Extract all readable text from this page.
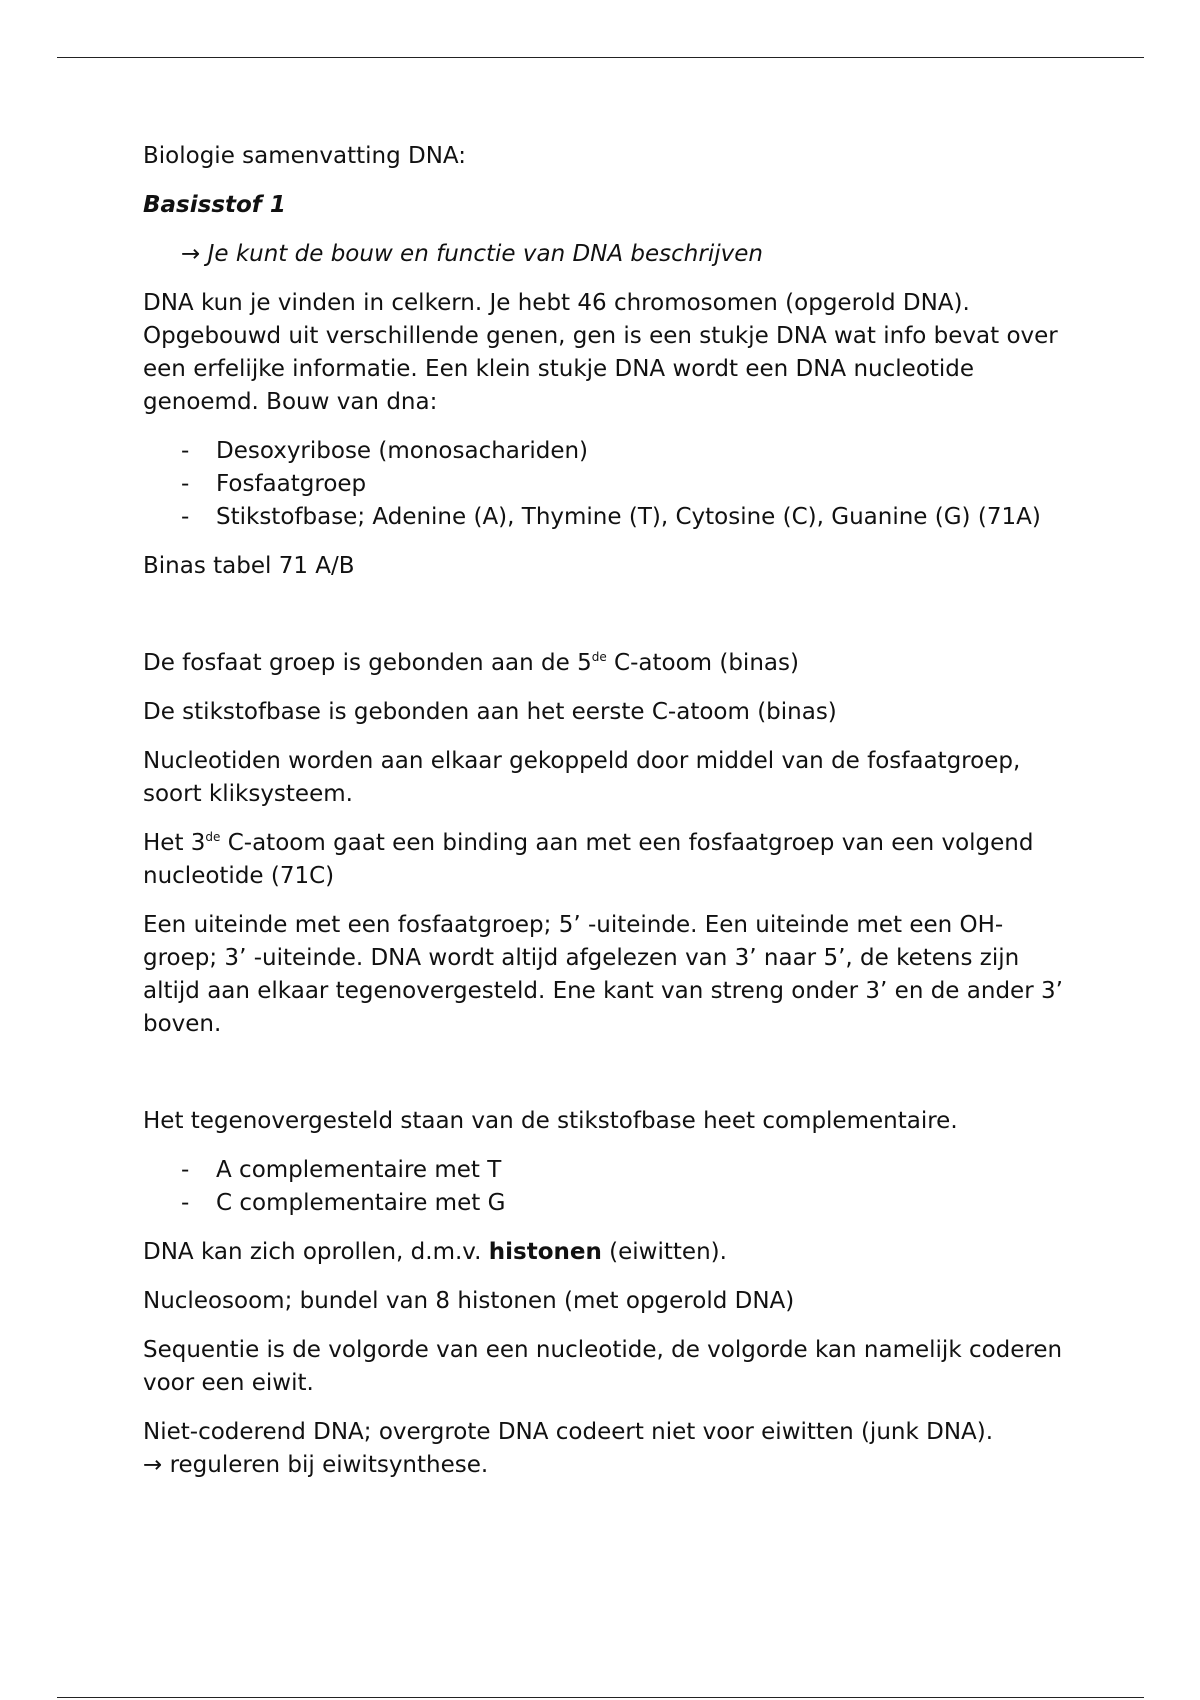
Biologie samenvatting DNA:

Basisstof 1

→ Je kunt de bouw en functie van DNA beschrijven

DNA kun je vinden in celkern. Je hebt 46 chromosomen (opgerold DNA). Opgebouwd uit verschillende genen, gen is een stukje DNA wat info bevat over een erfelijke informatie. Een klein stukje DNA wordt een DNA nucleotide genoemd. Bouw van dna:

- Desoxyribose (monosachariden)
- Fosfaatgroep
- Stikstofbase; Adenine (A), Thymine (T), Cytosine (C), Guanine (G) (71A)

Binas tabel 71 A/B

De fosfaat groep is gebonden aan de 5de C-atoom (binas)

De stikstofbase is gebonden aan het eerste C-atoom (binas)

Nucleotiden worden aan elkaar gekoppeld door middel van de fosfaatgroep, soort kliksysteem.

Het 3de C-atoom gaat een binding aan met een fosfaatgroep van een volgend nucleotide (71C)

Een uiteinde met een fosfaatgroep; 5’ -uiteinde. Een uiteinde met een OH-groep; 3’ -uiteinde. DNA wordt altijd afgelezen van 3’ naar 5’, de ketens zijn altijd aan elkaar tegenovergesteld. Ene kant van streng onder 3’ en de ander 3’ boven.

Het tegenovergesteld staan van de stikstofbase heet complementaire.

- A complementaire met T
- C complementaire met G

DNA kan zich oprollen, d.m.v. histonen (eiwitten).

Nucleosoom; bundel van 8 histonen (met opgerold DNA)

Sequentie is de volgorde van een nucleotide, de volgorde kan namelijk coderen voor een eiwit.

Niet-coderend DNA; overgrote DNA codeert niet voor eiwitten (junk DNA).
→ reguleren bij eiwitsynthese.
